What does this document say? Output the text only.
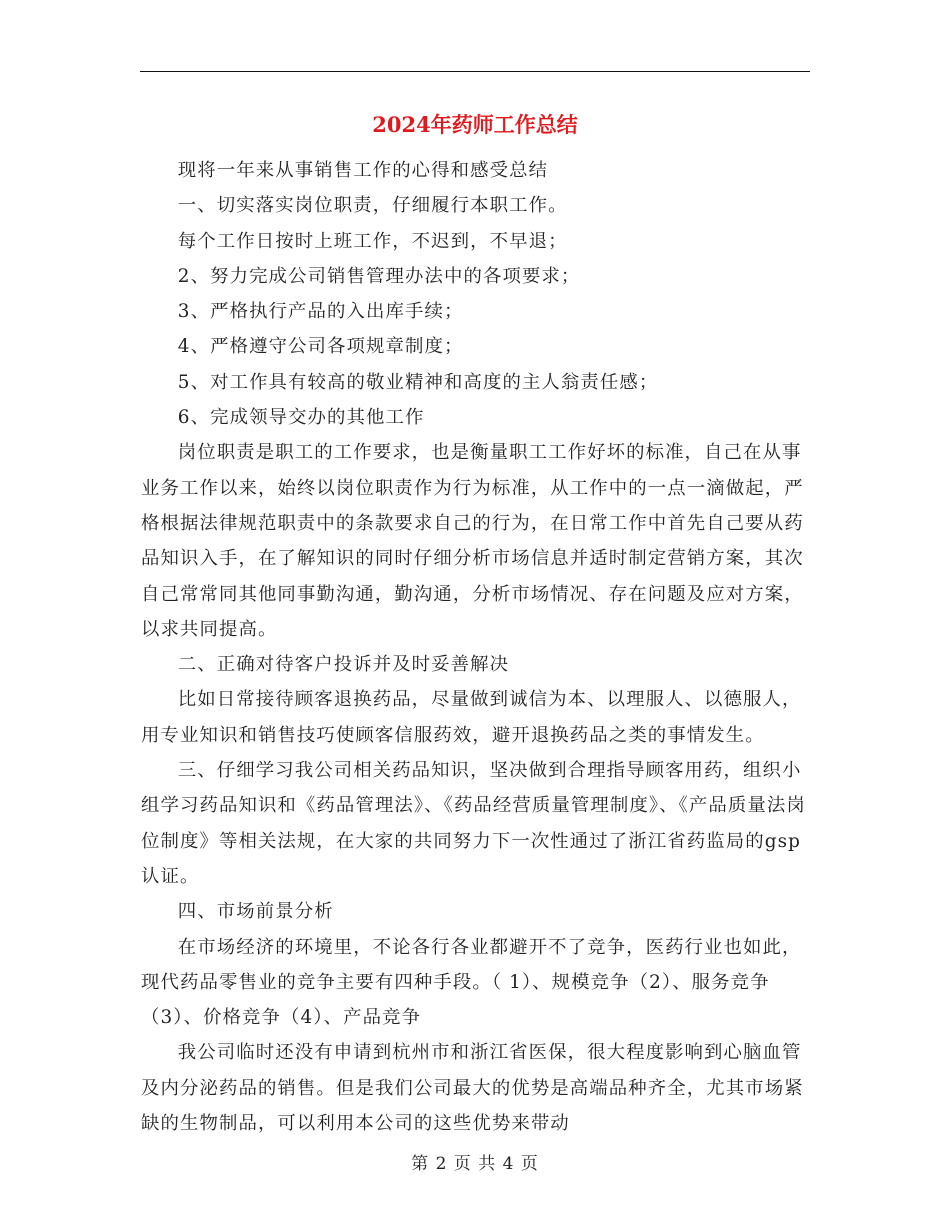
2024年药师工作总结

现将一年来从事销售工作的心得和感受总结

一、切实落实岗位职责，仔细履行本职工作。

每个工作日按时上班工作，不迟到，不早退；

2、努力完成公司销售管理办法中的各项要求；

3、严格执行产品的入出库手续；

4、严格遵守公司各项规章制度；

5、对工作具有较高的敬业精神和高度的主人翁责任感；

6、完成领导交办的其他工作

岗位职责是职工的工作要求，也是衡量职工工作好坏的标准，自己在从事业务工作以来，始终以岗位职责作为行为标准，从工作中的一点一滴做起，严格根据法律规范职责中的条款要求自己的行为，在日常工作中首先自己要从药品知识入手，在了解知识的同时仔细分析市场信息并适时制定营销方案，其次自己常常同其他同事勤沟通，勤沟通，分析市场情况、存在问题及应对方案，以求共同提高。

二、正确对待客户投诉并及时妥善解决

比如日常接待顾客退换药品，尽量做到诚信为本、以理服人、以德服人，用专业知识和销售技巧使顾客信服药效，避开退换药品之类的事情发生。

三、仔细学习我公司相关药品知识，坚决做到合理指导顾客用药，组织小组学习药品知识和《药品管理法》、《药品经营质量管理制度》、《产品质量法岗位制度》等相关法规，在大家的共同努力下一次性通过了浙江省药监局的gsp认证。

四、市场前景分析

在市场经济的环境里，不论各行各业都避开不了竞争，医药行业也如此，现代药品零售业的竞争主要有四种手段。（ 1）、规模竞争（2）、服务竞争（3）、价格竞争（4）、产品竞争

我公司临时还没有申请到杭州市和浙江省医保，很大程度影响到心脑血管及内分泌药品的销售。但是我们公司最大的优势是高端品种齐全，尤其市场紧缺的生物制品，可以利用本公司的这些优势来带动

第 2 页 共 4 页
